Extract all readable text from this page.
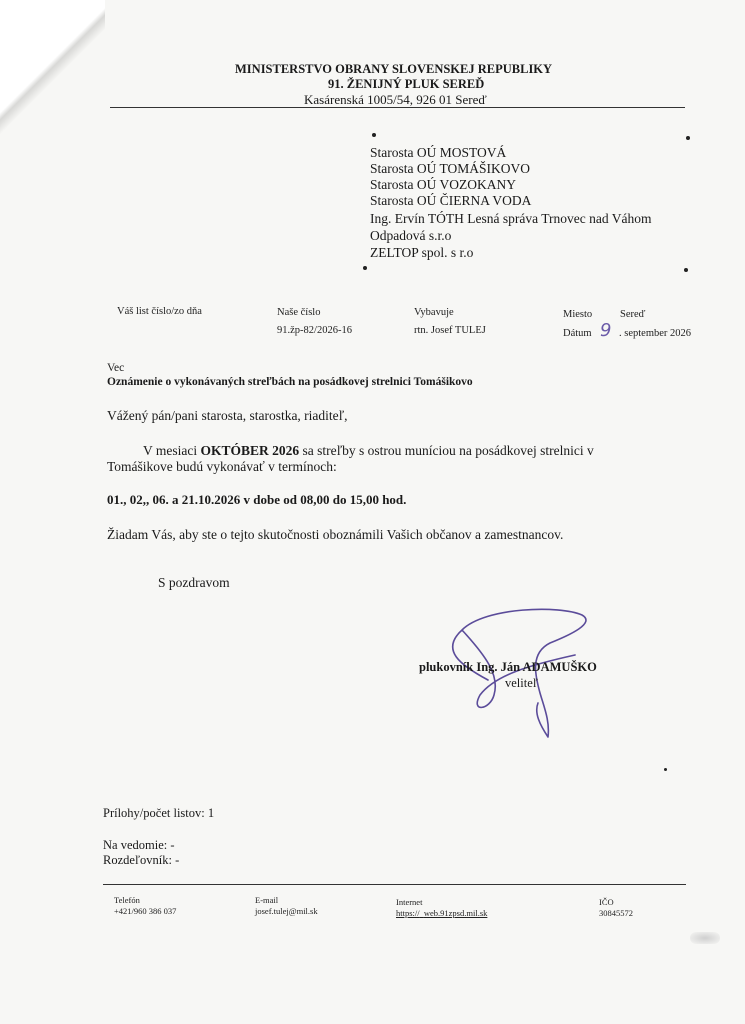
MINISTERSTVO OBRANY SLOVENSKEJ REPUBLIKY
91. ŽENIJNÝ PLUK SEREĎ
Kasárenská 1005/54, 926 01 Sereď
Starosta OÚ MOSTOVÁ
Starosta OÚ TOMÁŠIKOVO
Starosta OÚ VOZOKANY
Starosta OÚ ČIERNA VODA
Ing. Ervín TÓTH Lesná správa Trnovec nad Váhom
Odpadová s.r.o
ZELTOP spol. s r.o
Váš list číslo/zo dňa	Naše číslo
91.žp-82/2026-16
Vybavuje
rtn. Josef TULEJ
Miesto	Sereď
Dátum 9 . september 2026
Vec
Oznámenie o vykonávaných streľbách na posádkovej strelnici Tomášikovo
Vážený pán/pani starosta, starostka, riaditeľ,
V mesiaci OKTÓBER 2026 sa streľby s ostrou muníciou na posádkovej strelnici v
Tomášikove budú vykonávať v termínoch:
01., 02,, 06. a 21.10.2026 v dobe od 08,00 do 15,00 hod.
Žiadam Vás, aby ste o tejto skutočnosti oboznámili Vašich občanov a zamestnancov.
S pozdravom
plukovník Ing. Ján ADAMUŠKO
veliteľ
Prílohy/počet listov: 1
Na vedomie: -
Rozdeľovník: -
Telefón
+421/960 386 037
E-mail
josef.tulej@mil.sk
Internet
https:// web.91zpsd.mil.sk
IČO
30845572
